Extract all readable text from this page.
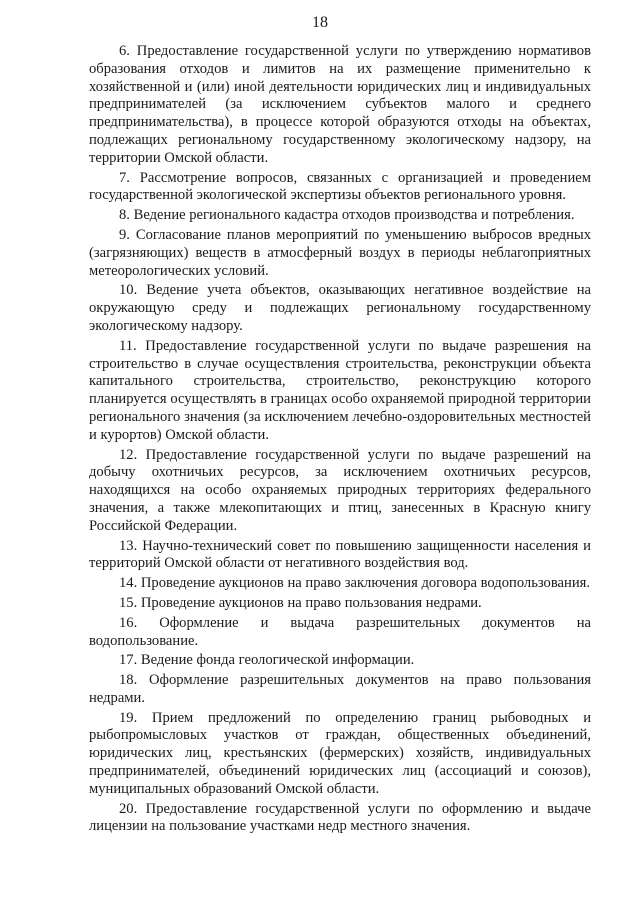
18

6. Предоставление государственной услуги по утверждению нормативов образования отходов и лимитов на их размещение применительно к хозяйственной и (или) иной деятельности юридических лиц и индивидуальных предпринимателей (за исключением субъектов малого и среднего предпринимательства), в процессе которой образуются отходы на объектах, подлежащих региональному государственному экологическому надзору, на территории Омской области.

7. Рассмотрение вопросов, связанных с организацией и проведением государственной экологической экспертизы объектов регионального уровня.

8. Ведение регионального кадастра отходов производства и потребления.

9. Согласование планов мероприятий по уменьшению выбросов вредных (загрязняющих) веществ в атмосферный воздух в периоды неблагоприятных метеорологических условий.

10. Ведение учета объектов, оказывающих негативное воздействие на окружающую среду и подлежащих региональному государственному экологическому надзору.

11. Предоставление государственной услуги по выдаче разрешения на строительство в случае осуществления строительства, реконструкции объекта капитального строительства, строительство, реконструкцию которого планируется осуществлять в границах особо охраняемой природной территории регионального значения (за исключением лечебно-оздоровительных местностей и курортов) Омской области.

12. Предоставление государственной услуги по выдаче разрешений на добычу охотничьих ресурсов, за исключением охотничьих ресурсов, находящихся на особо охраняемых природных территориях федерального значения, а также млекопитающих и птиц, занесенных в Красную книгу Российской Федерации.

13. Научно-технический совет по повышению защищенности населения и территорий Омской области от негативного воздействия вод.

14. Проведение аукционов на право заключения договора водопользования.

15. Проведение аукционов на право пользования недрами.

16. Оформление и выдача разрешительных документов на водопользование.

17. Ведение фонда геологической информации.

18. Оформление разрешительных документов на право пользования недрами.

19. Прием предложений по определению границ рыбоводных и рыбопромысловых участков от граждан, общественных объединений, юридических лиц, крестьянских (фермерских) хозяйств, индивидуальных предпринимателей, объединений юридических лиц (ассоциаций и союзов), муниципальных образований Омской области.

20. Предоставление государственной услуги по оформлению и выдаче лицензии на пользование участками недр местного значения.
